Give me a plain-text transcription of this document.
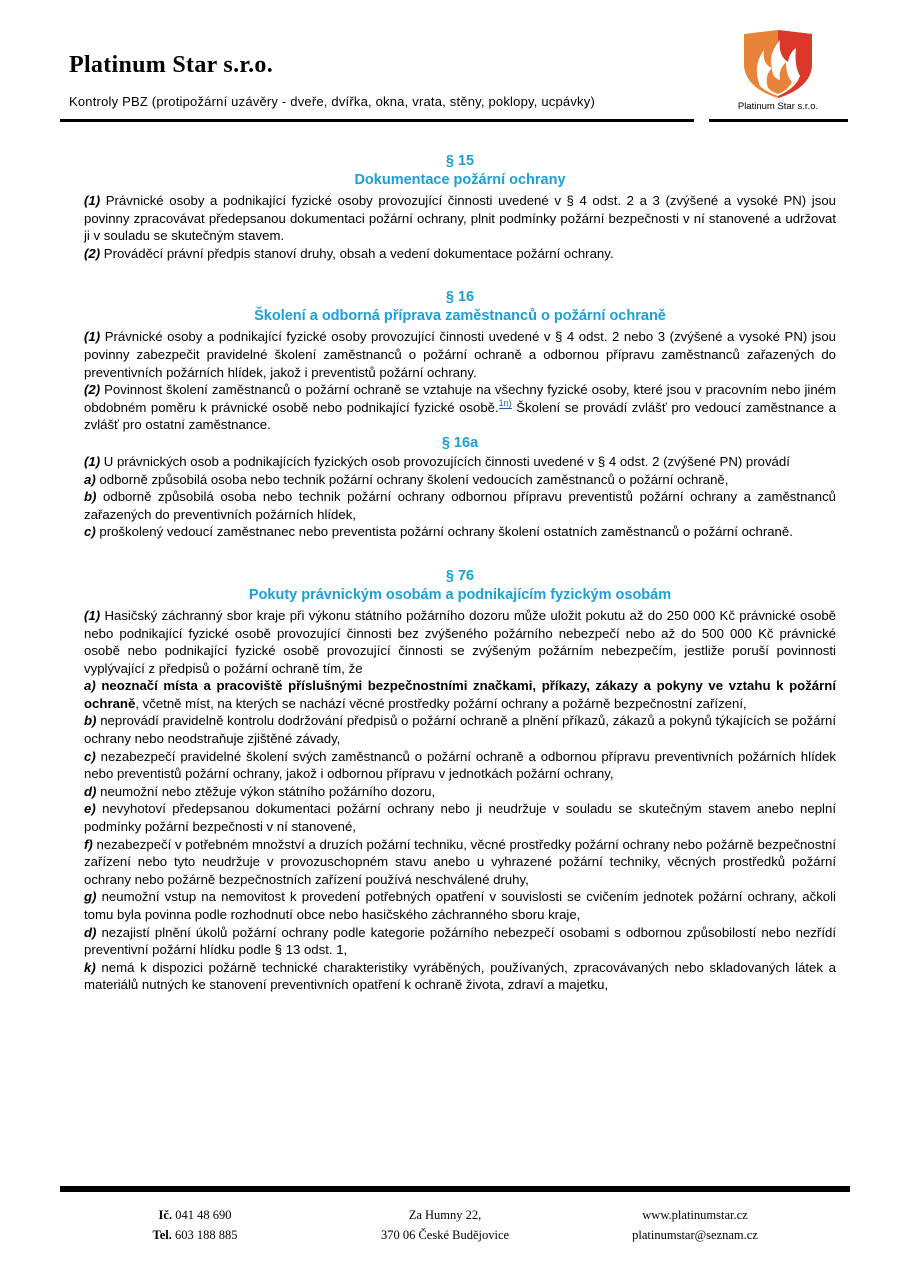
Platinum Star s.r.o.
Kontroly PBZ (protipožární uzávěry - dveře, dvířka, okna, vrata, stěny, poklopy, ucpávky)	Platinum Star s.r.o.

§ 15

Dokumentace požární ochrany

(1) Právnické osoby a podnikající fyzické osoby provozující činnosti uvedené v § 4 odst. 2 a 3 (zvýšené a vysoké PN) jsou povinny zpracovávat předepsanou dokumentaci požární ochrany, plnit podmínky požární bezpečnosti v ní stanovené a udržovat ji v souladu se skutečným stavem.

(2) Prováděcí právní předpis stanoví druhy, obsah a vedení dokumentace požární ochrany.

§ 16

Školení a odborná příprava zaměstnanců o požární ochraně

(1) Právnické osoby a podnikající fyzické osoby provozující činnosti uvedené v § 4 odst. 2 nebo 3 (zvýšené a vysoké PN) jsou povinny zabezpečit pravidelné školení zaměstnanců o požární ochraně a odbornou přípravu zaměstnanců zařazených do preventivních požárních hlídek, jakož i preventistů požární ochrany.

(2) Povinnost školení zaměstnanců o požární ochraně se vztahuje na všechny fyzické osoby, které jsou v pracovním nebo jiném obdobném poměru k právnické osobě nebo podnikající fyzické osobě.$^{1n)}$ Školení se provádí zvlášť pro vedoucí zaměstnance a zvlášť pro ostatní zaměstnance.

§ 16a

(1) U právnických osob a podnikajících fyzických osob provozujících činnosti uvedené v § 4 odst. 2 (zvýšené PN) provádí

a) odborně způsobilá osoba nebo technik požární ochrany školení vedoucích zaměstnanců o požární ochraně,

b) odborně způsobilá osoba nebo technik požární ochrany odbornou přípravu preventistů požární ochrany a zaměstnanců zařazených do preventivních požárních hlídek,

c) proškolený vedoucí zaměstnanec nebo preventista požární ochrany školení ostatních zaměstnanců o požární ochraně.

§ 76

Pokuty právnickým osobám a podnikajícím fyzickým osobám

(1) Hasičský záchranný sbor kraje při výkonu státního požárního dozoru může uložit pokutu až do 250 000 Kč právnické osobě nebo podnikající fyzické osobě provozující činnosti bez zvýšeného požárního nebezpečí nebo až do 500 000 Kč právnické osobě nebo podnikající fyzické osobě provozující činnosti se zvýšeným požárním nebezpečím, jestliže poruší povinnosti vyplývající z předpisů o požární ochraně tím, že

a) neoznačí místa a pracoviště příslušnými bezpečnostními značkami, příkazy, zákazy a pokyny ve vztahu k požární ochraně, včetně míst, na kterých se nachází věcné prostředky požární ochrany a požárně bezpečnostní zařízení,

b) neprovádí pravidelně kontrolu dodržování předpisů o požární ochraně a plnění příkazů, zákazů a pokynů týkajících se požární ochrany nebo neodstraňuje zjištěné závady,

c) nezabezpečí pravidelné školení svých zaměstnanců o požární ochraně a odbornou přípravu preventivních požárních hlídek nebo preventistů požární ochrany, jakož i odbornou přípravu v jednotkách požární ochrany,

d) neumožní nebo ztěžuje výkon státního požárního dozoru,

e) nevyhotoví předepsanou dokumentaci požární ochrany nebo ji neudržuje v souladu se skutečným stavem anebo neplní podmínky požární bezpečnosti v ní stanovené,

f) nezabezpečí v potřebném množství a druzích požární techniku, věcné prostředky požární ochrany nebo požárně bezpečnostní zařízení nebo tyto neudržuje v provozuschopném stavu anebo u vyhrazené požární techniky, věcných prostředků požární ochrany nebo požárně bezpečnostních zařízení používá neschválené druhy,

g) neumožní vstup na nemovitost k provedení potřebných opatření v souvislosti se cvičením jednotek požární ochrany, ačkoli tomu byla povinna podle rozhodnutí obce nebo hasičského záchranného sboru kraje,

d) nezajistí plnění úkolů požární ochrany podle kategorie požárního nebezpečí osobami s odbornou způsobilostí nebo nezřídí preventivní požární hlídku podle § 13 odst. 1,

k) nemá k dispozici požárně technické charakteristiky vyráběných, používaných, zpracovávaných nebo skladovaných látek a materiálů nutných ke stanovení preventivních opatření k ochraně života, zdraví a majetku,

Ič. 041 48 690
Tel. 603 188 885
Za Humny 22,
370 06 České Budějovice
www.platinumstar.cz
platinumstar@seznam.cz
